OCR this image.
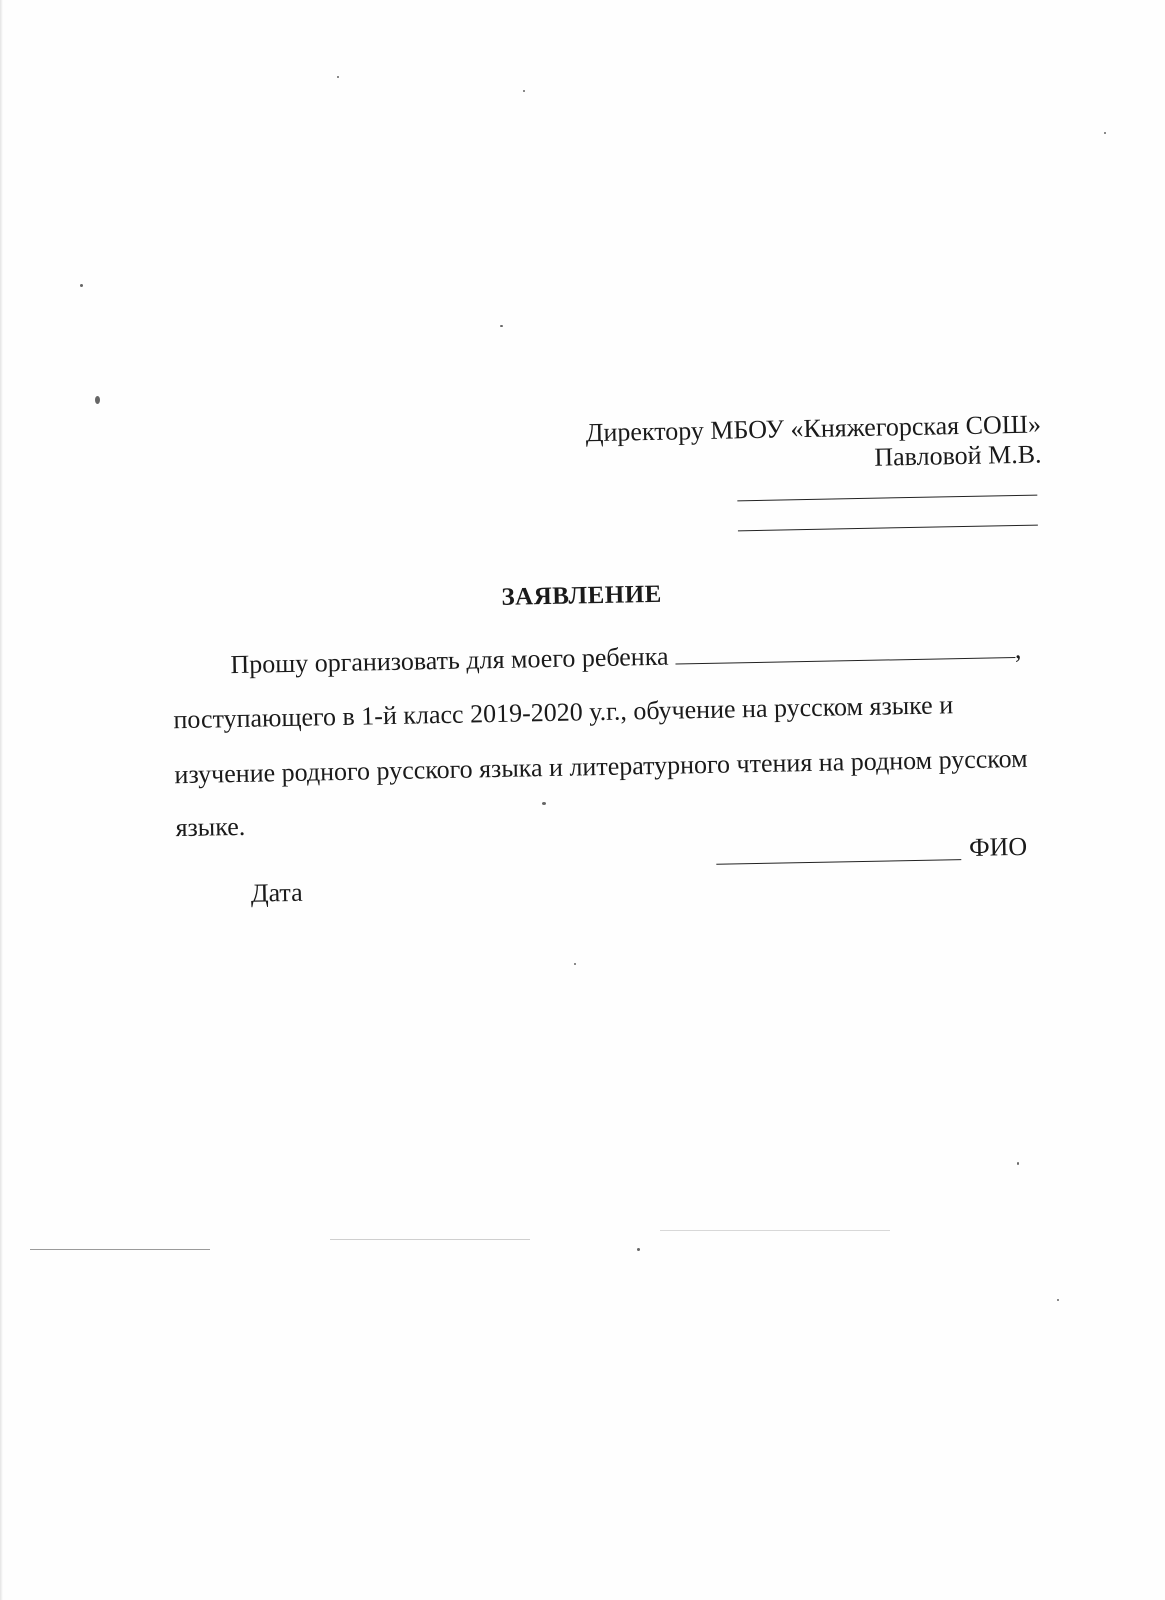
Директору МБОУ «Княжегорская СОШ»
Павловой М.В.
ЗАЯВЛЕНИЕ
Прошу организовать для моего ребенка	,
поступающего в 1-й класс 2019-2020 у.г., обучение на русском языке и
изучение родного русского языка и литературного чтения на родном русском
языке.
ФИО
Дата
